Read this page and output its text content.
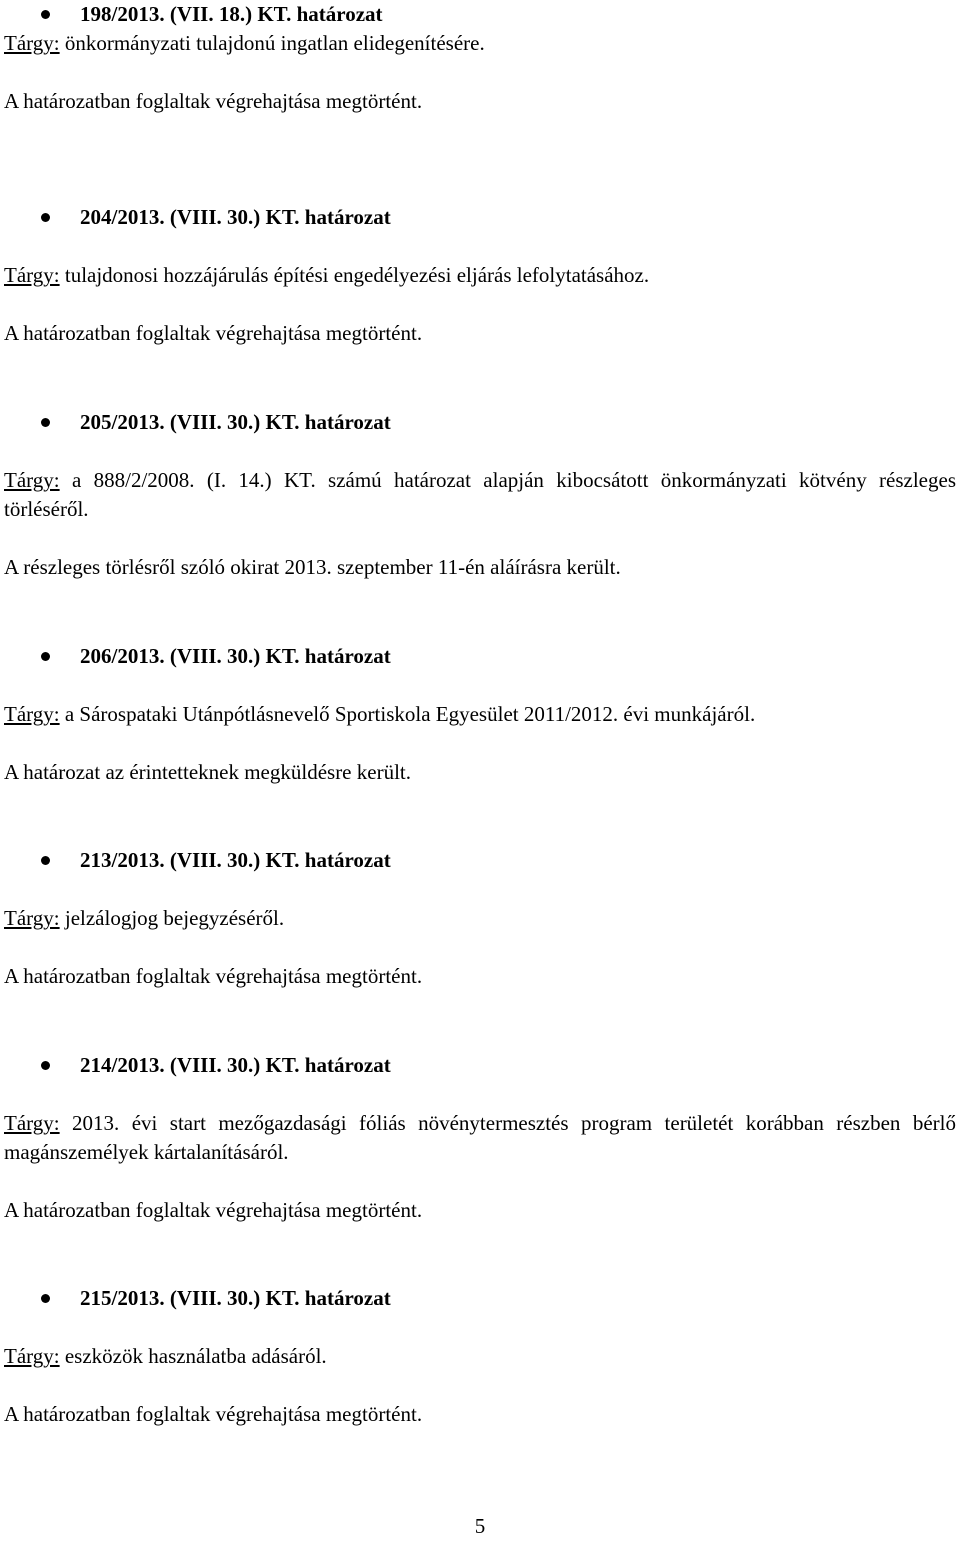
198/2013. (VII. 18.) KT. határozat
Tárgy: önkormányzati tulajdonú ingatlan elidegenítésére.
A határozatban foglaltak végrehajtása megtörtént.
204/2013. (VIII. 30.) KT. határozat
Tárgy: tulajdonosi hozzájárulás építési engedélyezési eljárás lefolytatásához.
A határozatban foglaltak végrehajtása megtörtént.
205/2013. (VIII. 30.) KT. határozat
Tárgy: a 888/2/2008. (I. 14.) KT. számú határozat alapján kibocsátott önkormányzati kötvény részleges törléséről.
A részleges törlésről szóló okirat 2013. szeptember 11-én aláírásra került.
206/2013. (VIII. 30.) KT. határozat
Tárgy: a Sárospataki Utánpótlásnevelő Sportiskola Egyesület 2011/2012. évi munkájáról.
A határozat az érintetteknek megküldésre került.
213/2013. (VIII. 30.) KT. határozat
Tárgy: jelzálogjog bejegyzéséről.
A határozatban foglaltak végrehajtása megtörtént.
214/2013. (VIII. 30.) KT. határozat
Tárgy: 2013. évi start mezőgazdasági fóliás növénytermesztés program területét korábban részben bérlő magánszemélyek kártalanításáról.
A határozatban foglaltak végrehajtása megtörtént.
215/2013. (VIII. 30.) KT. határozat
Tárgy: eszközök használatba adásáról.
A határozatban foglaltak végrehajtása megtörtént.
5
